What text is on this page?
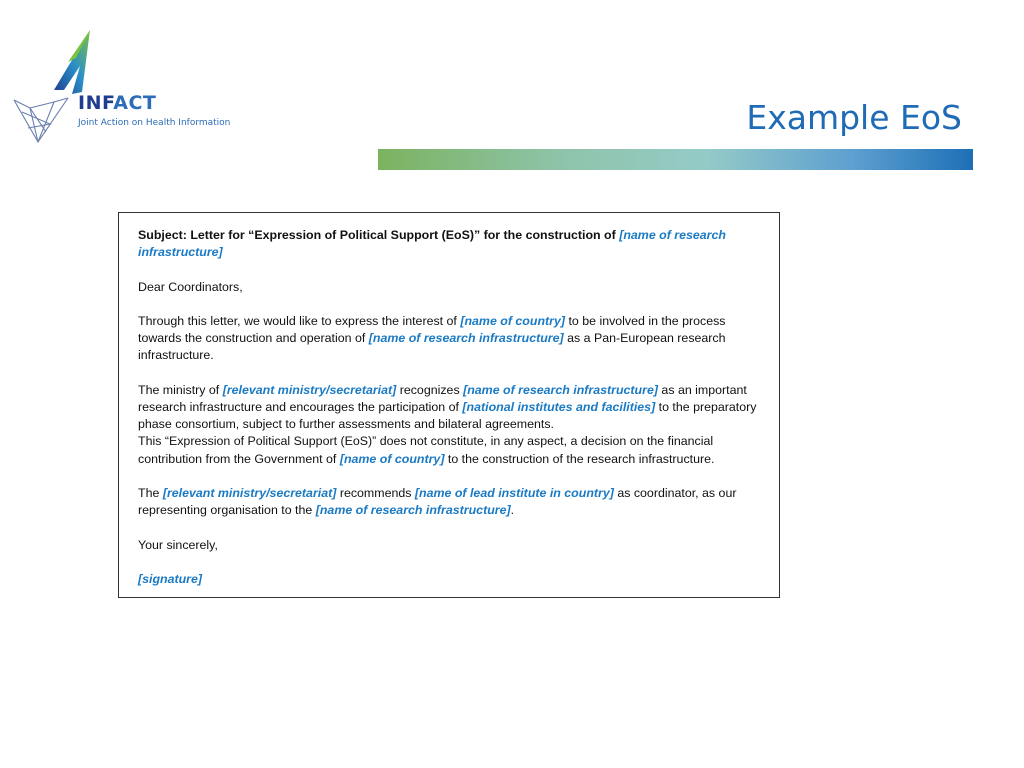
INFACT
Joint Action on Health Information	Example EoS

Subject: Letter for “Expression of Political Support (EoS)” for the construction of [name of research infrastructure]

Dear Coordinators,

Through this letter, we would like to express the interest of [name of country] to be involved in the process towards the construction and operation of [name of research infrastructure] as a Pan-European research infrastructure.

The ministry of [relevant ministry/secretariat] recognizes [name of research infrastructure] as an important research infrastructure and encourages the participation of [national institutes and facilities] to the preparatory phase consortium, subject to further assessments and bilateral agreements.
This “Expression of Political Support (EoS)” does not constitute, in any aspect, a decision on the financial contribution from the Government of [name of country] to the construction of the research infrastructure.

The [relevant ministry/secretariat] recommends [name of lead institute in country] as coordinator, as our representing organisation to the [name of research infrastructure].

Your sincerely,

[signature]
